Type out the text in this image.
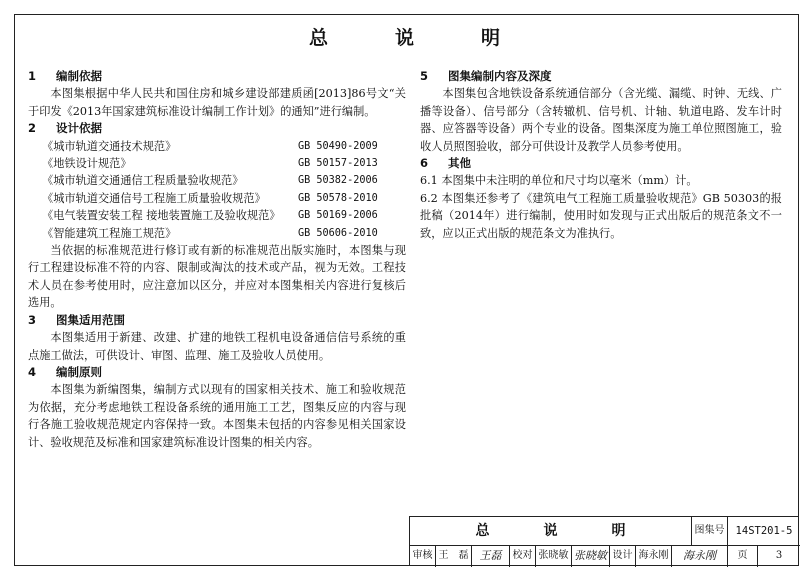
总　说　明
1 编制依据
本图集根据中华人民共和国住房和城乡建设部建质函[2013]86号文“关于印发《2013年国家建筑标准设计编制工作计划》的通知”进行编制。
2 设计依据
《城市轨道交通技术规范》	GB 50490-2009
《地铁设计规范》	GB 50157-2013
《城市轨道交通通信工程质量验收规范》	GB 50382-2006
《城市轨道交通信号工程施工质量验收规范》	GB 50578-2010
《电气装置安装工程 接地装置施工及验收规范》	GB 50169-2006
《智能建筑工程施工规范》	GB 50606-2010
当依据的标准规范进行修订或有新的标准规范出版实施时，本图集与现行工程建设标准不符的内容、限制或淘汰的技术或产品，视为无效。工程技术人员在参考使用时，应注意加以区分，并应对本图集相关内容进行复核后选用。
3 图集适用范围
本图集适用于新建、改建、扩建的地铁工程机电设备通信信号系统的重点施工做法，可供设计、审图、监理、施工及验收人员使用。
4 编制原则
本图集为新编图集，编制方式以现有的国家相关技术、施工和验收规范为依据，充分考虑地铁工程设备系统的通用施工工艺，图集反应的内容与现行各施工验收规范规定内容保持一致。本图集未包括的内容参见相关国家设计、验收规范及标准和国家建筑标准设计图集的相关内容。
5 图集编制内容及深度
本图集包含地铁设备系统通信部分（含光缆、漏缆、时钟、无线、广播等设备）、信号部分（含转辙机、信号机、计轴、轨道电路、发车计时器、应答器等设备）两个专业的设备。图集深度为施工单位照图施工，验收人员照图验收，部分可供设计及教学人员参考使用。
6 其他
6.1 本图集中未注明的单位和尺寸均以毫米（mm）计。
6.2 本图集还参考了《建筑电气工程施工质量验收规范》GB 50303的报批稿（2014年）进行编制，使用时如发现与正式出版后的规范条文不一致，应以正式出版的规范条文为准执行。
总　说　明	图集号	14ST201-5
审核 王　磊	王磊	校对 张晓敏 张晓敏 设计 海永刚	海永刚	页	3
